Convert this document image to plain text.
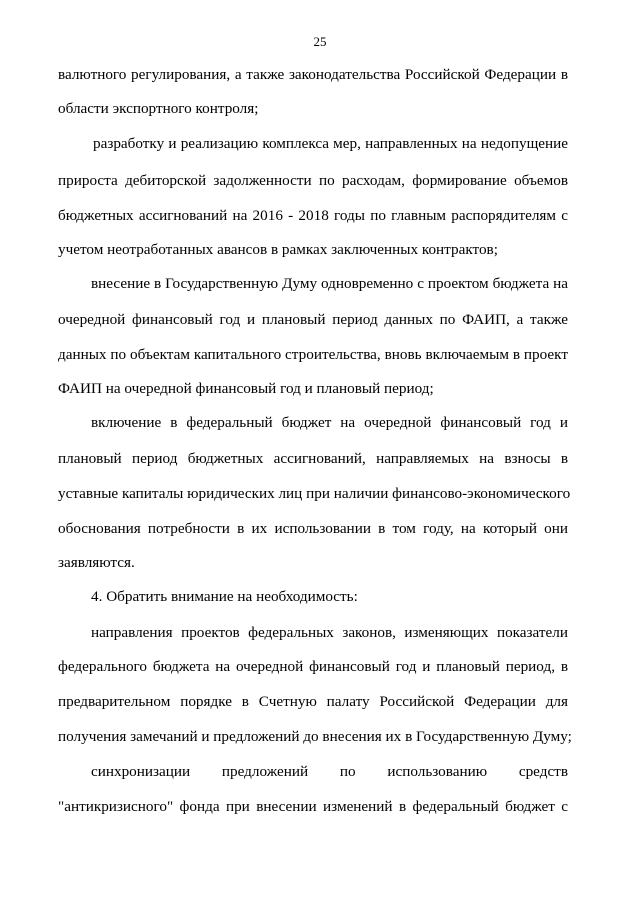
25
валютного регулирования, а также законодательства Российской Федерации в
области экспортного контроля;
разработку и реализацию комплекса мер, направленных на недопущение
прироста дебиторской задолженности по расходам, формирование объемов
бюджетных ассигнований на 2016 - 2018 годы по главным распорядителям с
учетом неотработанных авансов в рамках заключенных контрактов;
внесение в Государственную Думу одновременно с проектом бюджета на
очередной финансовый год и плановый период данных по ФАИП, а также
данных по объектам капитального строительства, вновь включаемым в проект
ФАИП на очередной финансовый год и плановый период;
включение в федеральный бюджет на очередной финансовый год и
плановый период бюджетных ассигнований, направляемых на взносы в
уставные капиталы юридических лиц при наличии финансово-экономического
обоснования потребности в их использовании в том году, на который они
заявляются.
4. Обратить внимание на необходимость:
направления проектов федеральных законов, изменяющих показатели
федерального бюджета на очередной финансовый год и плановый период, в
предварительном порядке в Счетную палату Российской Федерации для
получения замечаний и предложений до внесения их в Государственную Думу;
синхронизации предложений по использованию средств
"антикризисного" фонда при внесении изменений в федеральный бюджет с
